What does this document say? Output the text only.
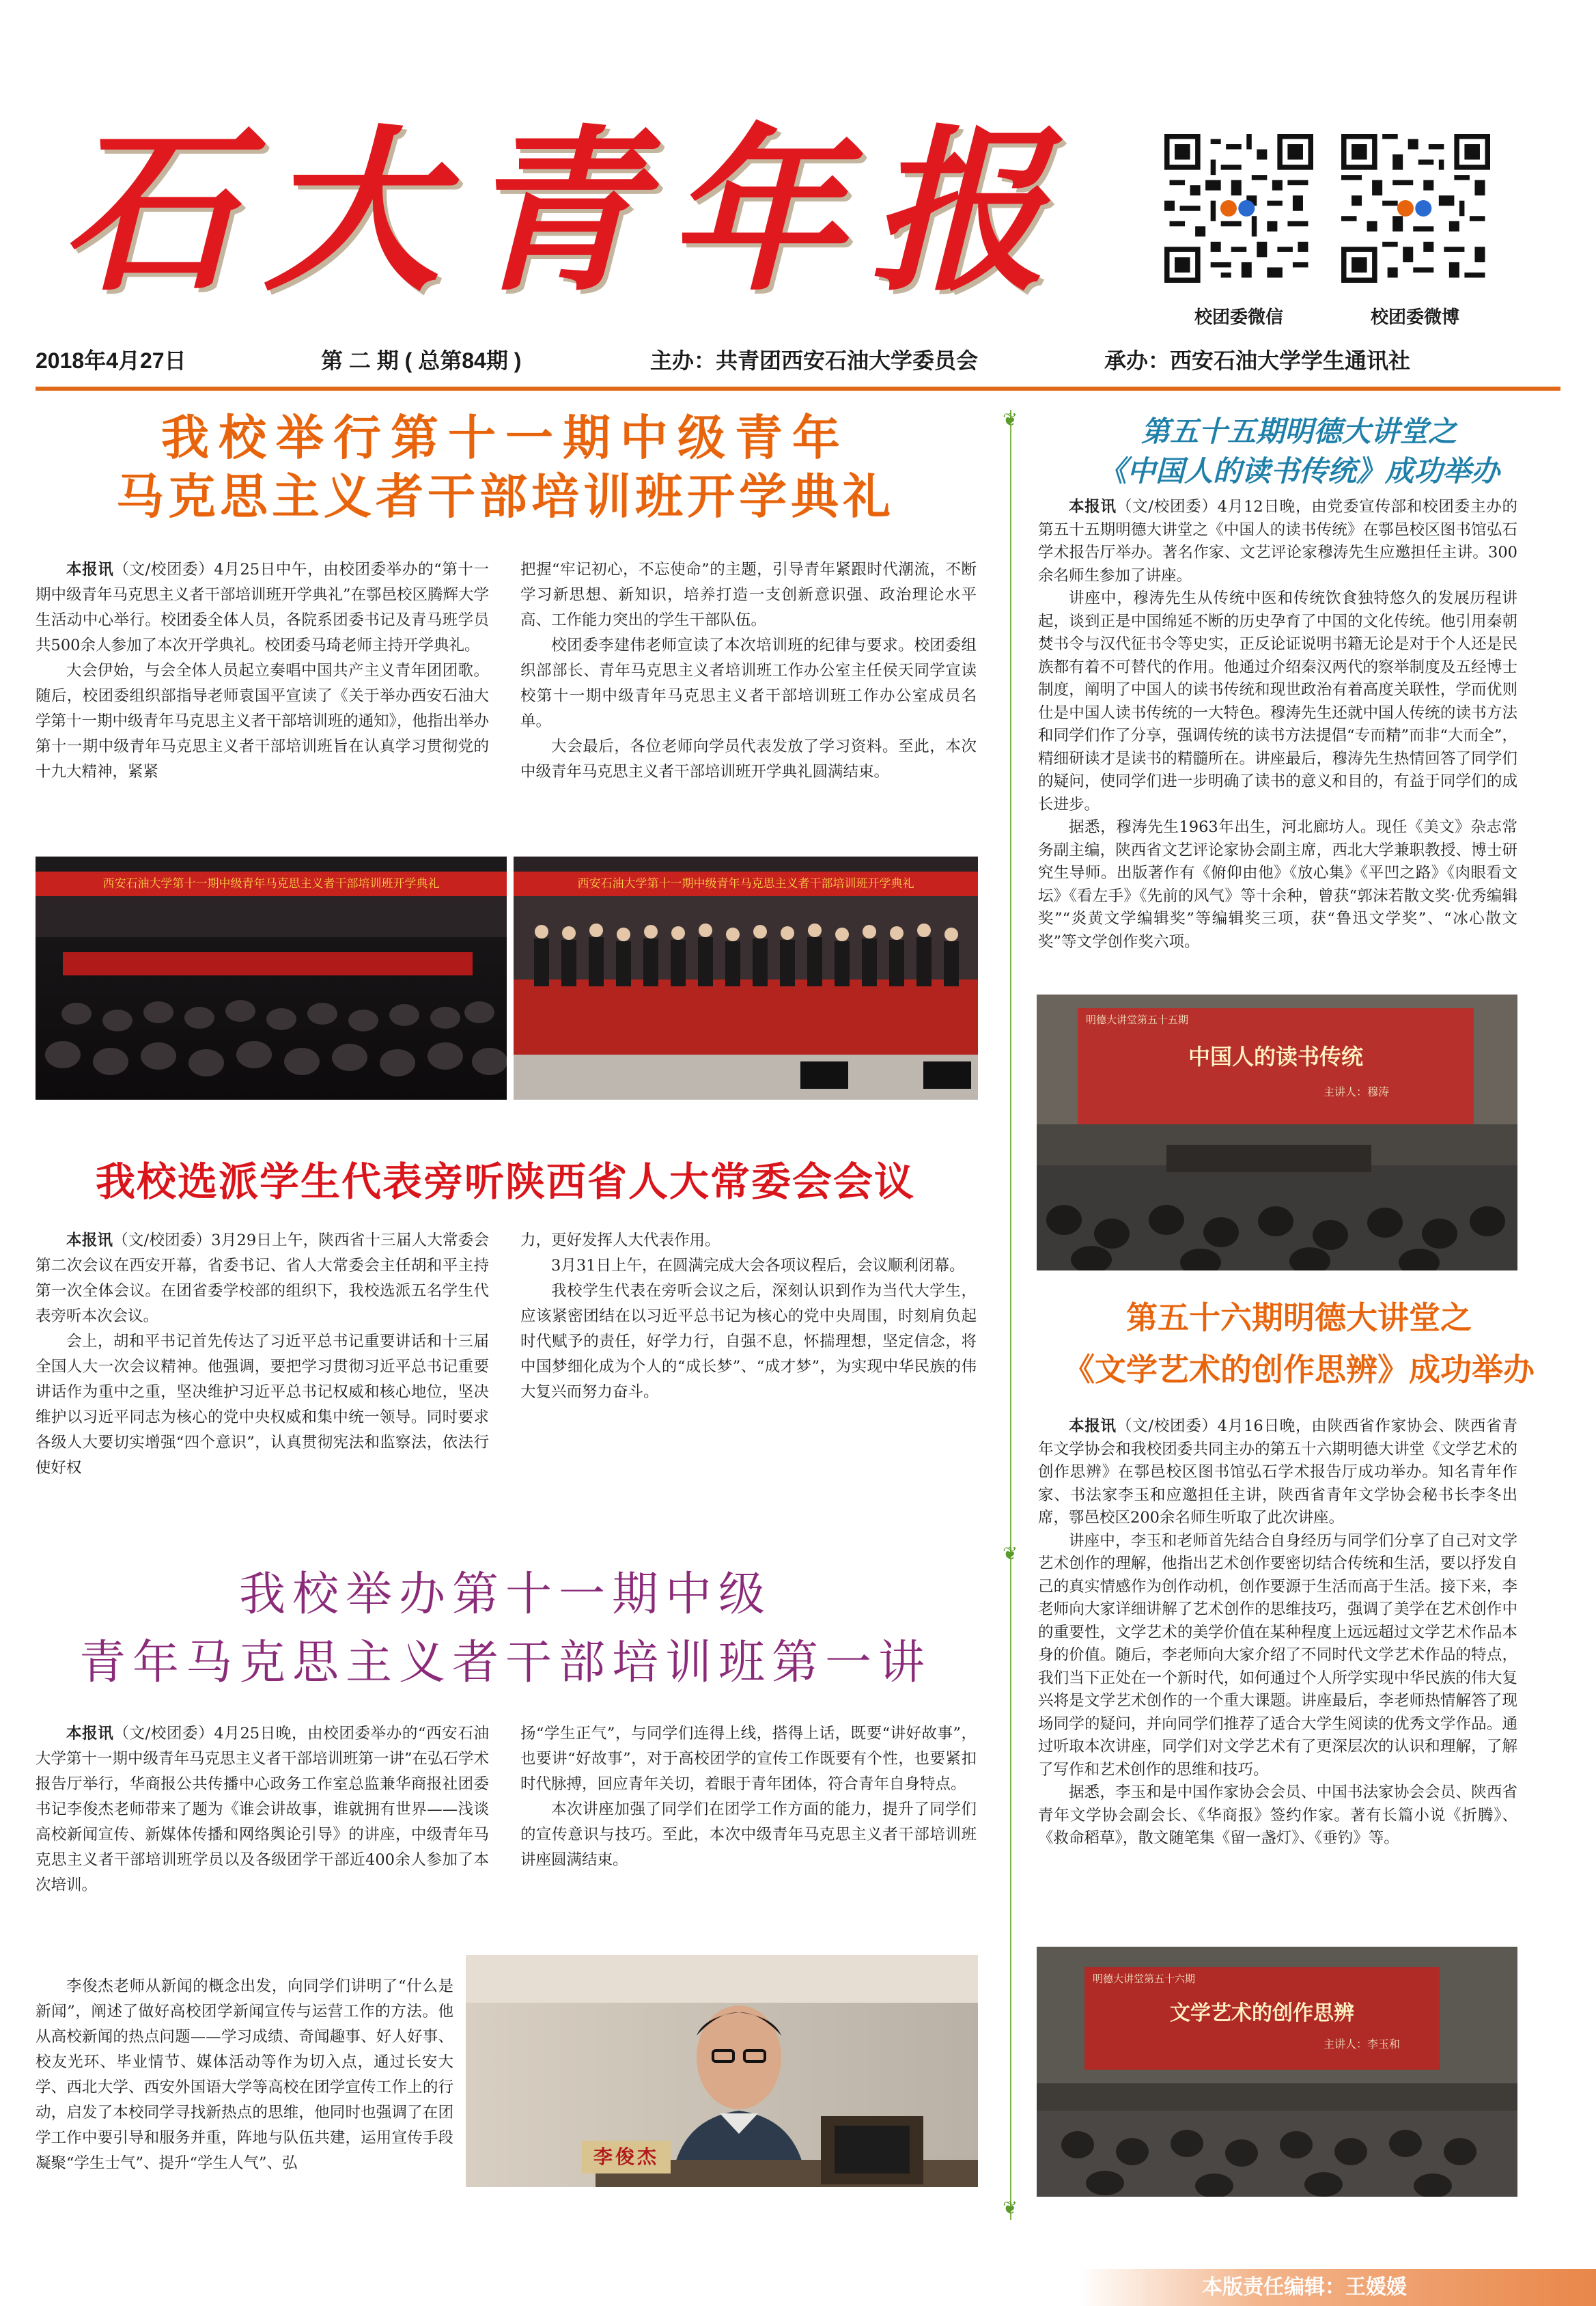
石大青年报
校团委微信	校团委微博
2018年4月27日	第 二 期 ( 总第84期 )	主办：共青团西安石油大学委员会	承办：西安石油大学学生通讯社
❦
❦
❦
我校举行第十一期中级青年
马克思主义者干部培训班开学典礼

本报讯（文/校团委）4月25日中午，由校团委举办的“第十一期中级青年马克思主义者干部培训班开学典礼”在鄠邑校区腾辉大学生活动中心举行。校团委全体人员，各院系团委书记及青马班学员共500余人参加了本次开学典礼。校团委马琦老师主持开学典礼。

大会伊始，与会全体人员起立奏唱中国共产主义青年团团歌。随后，校团委组织部指导老师袁国平宣读了《关于举办西安石油大学第十一期中级青年马克思主义者干部培训班的通知》，他指出举办第十一期中级青年马克思主义者干部培训班旨在认真学习贯彻党的十九大精神，紧紧

把握“牢记初心，不忘使命”的主题，引导青年紧跟时代潮流，不断学习新思想、新知识，培养打造一支创新意识强、政治理论水平高、工作能力突出的学生干部队伍。

校团委李建伟老师宣读了本次培训班的纪律与要求。校团委组织部部长、青年马克思主义者培训班工作办公室主任侯天同学宣读校第十一期中级青年马克思主义者干部培训班工作办公室成员名单。

大会最后，各位老师向学员代表发放了学习资料。至此，本次中级青年马克思主义者干部培训班开学典礼圆满结束。

西安石油大学第十一期中级青年马克思主义者干部培训班开学典礼	西安石油大学第十一期中级青年马克思主义者干部培训班开学典礼
我校选派学生代表旁听陕西省人大常委会会议

本报讯（文/校团委）3月29日上午，陕西省十三届人大常委会第二次会议在西安开幕，省委书记、省人大常委会主任胡和平主持第一次全体会议。在团省委学校部的组织下，我校选派五名学生代表旁听本次会议。

会上，胡和平书记首先传达了习近平总书记重要讲话和十三届全国人大一次会议精神。他强调，要把学习贯彻习近平总书记重要讲话作为重中之重，坚决维护习近平总书记权威和核心地位，坚决维护以习近平同志为核心的党中央权威和集中统一领导。同时要求各级人大要切实增强“四个意识”，认真贯彻宪法和监察法，依法行使好权

力，更好发挥人大代表作用。

3月31日上午，在圆满完成大会各项议程后，会议顺利闭幕。

我校学生代表在旁听会议之后，深刻认识到作为当代大学生，应该紧密团结在以习近平总书记为核心的党中央周围，时刻肩负起时代赋予的责任，好学力行，自强不息，怀揣理想，坚定信念，将中国梦细化成为个人的“成长梦”、“成才梦”，为实现中华民族的伟大复兴而努力奋斗。

我校举办第十一期中级
青年马克思主义者干部培训班第一讲

本报讯（文/校团委）4月25日晚，由校团委举办的“西安石油大学第十一期中级青年马克思主义者干部培训班第一讲”在弘石学术报告厅举行，华商报公共传播中心政务工作室总监兼华商报社团委书记李俊杰老师带来了题为《谁会讲故事，谁就拥有世界——浅谈高校新闻宣传、新媒体传播和网络舆论引导》的讲座，中级青年马克思主义者干部培训班学员以及各级团学干部近400余人参加了本次培训。

李俊杰老师从新闻的概念出发，向同学们讲明了“什么是新闻”，阐述了做好高校团学新闻宣传与运营工作的方法。他从高校新闻的热点问题——学习成绩、奇闻趣事、好人好事、校友光环、毕业情节、媒体活动等作为切入点，通过长安大学、西北大学、西安外国语大学等高校在团学宣传工作上的行动，启发了本校同学寻找新热点的思维，他同时也强调了在团学工作中要引导和服务并重，阵地与队伍共建，运用宣传手段凝聚“学生士气”、提升“学生人气”、弘

扬“学生正气”，与同学们连得上线，搭得上话，既要“讲好故事”，也要讲“好故事”，对于高校团学的宣传工作既要有个性，也要紧扣时代脉搏，回应青年关切，着眼于青年团体，符合青年自身特点。

本次讲座加强了同学们在团学工作方面的能力，提升了同学们的宣传意识与技巧。至此，本次中级青年马克思主义者干部培训班讲座圆满结束。

李俊杰
第五十五期明德大讲堂之
《中国人的读书传统》成功举办

本报讯（文/校团委）4月12日晚，由党委宣传部和校团委主办的第五十五期明德大讲堂之《中国人的读书传统》在鄠邑校区图书馆弘石学术报告厅举办。著名作家、文艺评论家穆涛先生应邀担任主讲。300余名师生参加了讲座。

讲座中，穆涛先生从传统中医和传统饮食独特悠久的发展历程讲起，谈到正是中国绵延不断的历史孕育了中国的文化传统。他引用秦朝焚书令与汉代征书令等史实，正反论证说明书籍无论是对于个人还是民族都有着不可替代的作用。他通过介绍秦汉两代的察举制度及五经博士制度，阐明了中国人的读书传统和现世政治有着高度关联性，学而优则仕是中国人读书传统的一大特色。穆涛先生还就中国人传统的读书方法和同学们作了分享，强调传统的读书方法提倡“专而精”而非“大而全”，精细研读才是读书的精髓所在。讲座最后，穆涛先生热情回答了同学们的疑问，使同学们进一步明确了读书的意义和目的，有益于同学们的成长进步。

据悉，穆涛先生1963年出生，河北廊坊人。现任《美文》杂志常务副主编，陕西省文艺评论家协会副主席，西北大学兼职教授、博士研究生导师。出版著作有《俯仰由他》《放心集》《平凹之路》《肉眼看文坛》《看左手》《先前的风气》等十余种，曾获“郭沫若散文奖·优秀编辑奖”“炎黄文学编辑奖”等编辑奖三项，获“鲁迅文学奖”、“冰心散文奖”等文学创作奖六项。

明德大讲堂第五十五期
中国人的读书传统
主讲人：穆涛
第五十六期明德大讲堂之
《文学艺术的创作思辨》成功举办

本报讯（文/校团委）4月16日晚，由陕西省作家协会、陕西省青年文学协会和我校团委共同主办的第五十六期明德大讲堂《文学艺术的创作思辨》在鄠邑校区图书馆弘石学术报告厅成功举办。知名青年作家、书法家李玉和应邀担任主讲，陕西省青年文学协会秘书长李冬出席，鄠邑校区200余名师生听取了此次讲座。

讲座中，李玉和老师首先结合自身经历与同学们分享了自己对文学艺术创作的理解，他指出艺术创作要密切结合传统和生活，要以抒发自己的真实情感作为创作动机，创作要源于生活而高于生活。接下来，李老师向大家详细讲解了艺术创作的思维技巧，强调了美学在艺术创作中的重要性，文学艺术的美学价值在某种程度上远远超过文学艺术作品本身的价值。随后，李老师向大家介绍了不同时代文学艺术作品的特点，我们当下正处在一个新时代，如何通过个人所学实现中华民族的伟大复兴将是文学艺术创作的一个重大课题。讲座最后，李老师热情解答了现场同学的疑问，并向同学们推荐了适合大学生阅读的优秀文学作品。通过听取本次讲座，同学们对文学艺术有了更深层次的认识和理解，了解了写作和艺术创作的思维和技巧。

据悉，李玉和是中国作家协会会员、中国书法家协会会员、陕西省青年文学协会副会长、《华商报》签约作家。著有长篇小说《折腾》、《救命稻草》，散文随笔集《留一盏灯》、《垂钓》等。

明德大讲堂第五十六期
文学艺术的创作思辨
主讲人：李玉和
本版责任编辑：王媛媛
